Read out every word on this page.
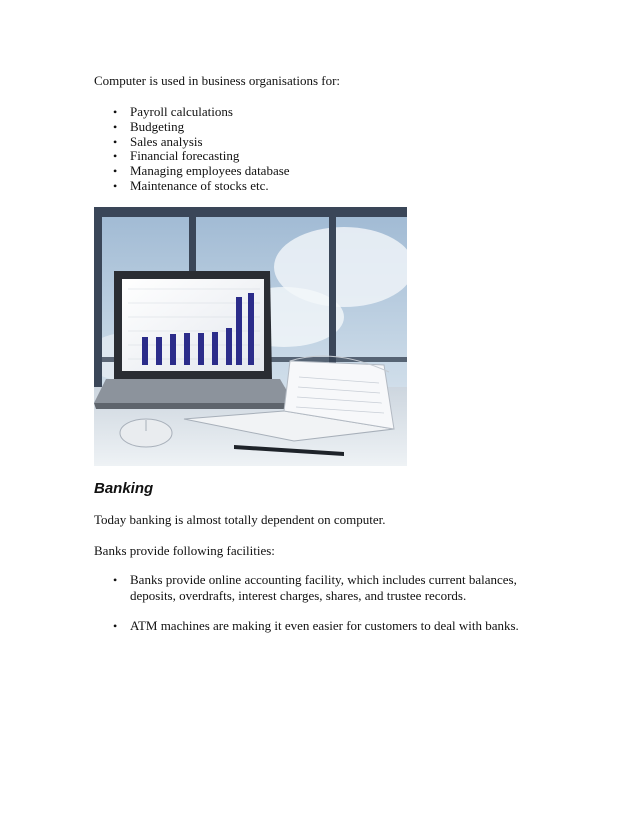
Computer is used in business organisations for:

• Payroll calculations
• Budgeting
• Sales analysis
• Financial forecasting
• Managing employees database
• Maintenance of stocks etc.
Banking

Today banking is almost totally dependent on computer.

Banks provide following facilities:

• Banks provide online accounting facility, which includes current balances, deposits, overdrafts, interest charges, shares, and trustee records.
• ATM machines are making it even easier for customers to deal with banks.
